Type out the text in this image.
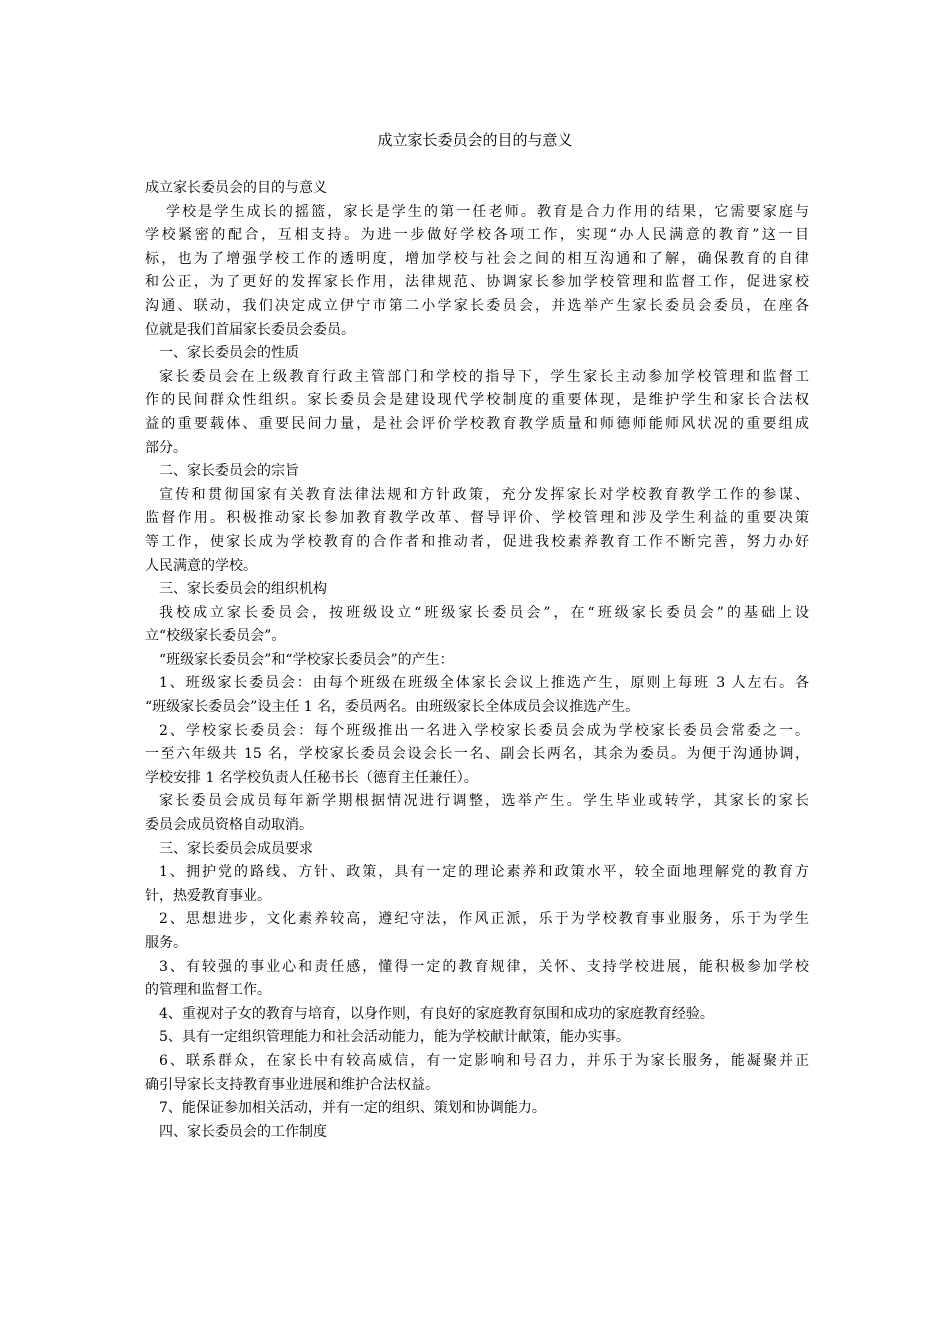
成立家长委员会的目的与意义
成立家长委员会的目的与意义
学校是学生成长的摇篮，家长是学生的第一任老师。教育是合力作用的结果，它需要家庭与
学校紧密的配合，互相支持。为进一步做好学校各项工作，实现“办人民满意的教育”这一目
标，也为了增强学校工作的透明度，增加学校与社会之间的相互沟通和了解，确保教育的自律
和公正，为了更好的发挥家长作用，法律规范、协调家长参加学校管理和监督工作，促进家校
沟通、联动，我们决定成立伊宁市第二小学家长委员会，并选举产生家长委员会委员，在座各
位就是我们首届家长委员会委员。
一、家长委员会的性质
家长委员会在上级教育行政主管部门和学校的指导下，学生家长主动参加学校管理和监督工
作的民间群众性组织。家长委员会是建设现代学校制度的重要体现，是维护学生和家长合法权
益的重要载体、重要民间力量，是社会评价学校教育教学质量和师德师能师风状况的重要组成
部分。
二、家长委员会的宗旨
宣传和贯彻国家有关教育法律法规和方针政策，充分发挥家长对学校教育教学工作的参谋、
监督作用。积极推动家长参加教育教学改革、督导评价、学校管理和涉及学生利益的重要决策
等工作，使家长成为学校教育的合作者和推动者，促进我校素养教育工作不断完善，努力办好
人民满意的学校。
三、家长委员会的组织机构
我校成立家长委员会，按班级设立“班级家长委员会”，在“班级家长委员会”的基础上设
立“校级家长委员会”。
“班级家长委员会”和“学校家长委员会”的产生：
1、班级家长委员会：由每个班级在班级全体家长会议上推选产生，原则上每班 3 人左右。各
“班级家长委员会”设主任 1 名，委员两名。由班级家长全体成员会议推选产生。
2、学校家长委员会：每个班级推出一名进入学校家长委员会成为学校家长委员会常委之一。
一至六年级共 15 名，学校家长委员会设会长一名、副会长两名，其余为委员。为便于沟通协调，
学校安排 1 名学校负责人任秘书长（德育主任兼任）。
家长委员会成员每年新学期根据情况进行调整，选举产生。学生毕业或转学，其家长的家长
委员会成员资格自动取消。
三、家长委员会成员要求
1、拥护党的路线、方针、政策，具有一定的理论素养和政策水平，较全面地理解党的教育方
针，热爱教育事业。
2、思想进步，文化素养较高，遵纪守法，作风正派，乐于为学校教育事业服务，乐于为学生
服务。
3、有较强的事业心和责任感，懂得一定的教育规律，关怀、支持学校进展，能积极参加学校
的管理和监督工作。
4、重视对子女的教育与培育，以身作则，有良好的家庭教育氛围和成功的家庭教育经验。
5、具有一定组织管理能力和社会活动能力，能为学校献计献策，能办实事。
6、联系群众，在家长中有较高威信，有一定影响和号召力，并乐于为家长服务，能凝聚并正
确引导家长支持教育事业进展和维护合法权益。
7、能保证参加相关活动，并有一定的组织、策划和协调能力。
四、家长委员会的工作制度
